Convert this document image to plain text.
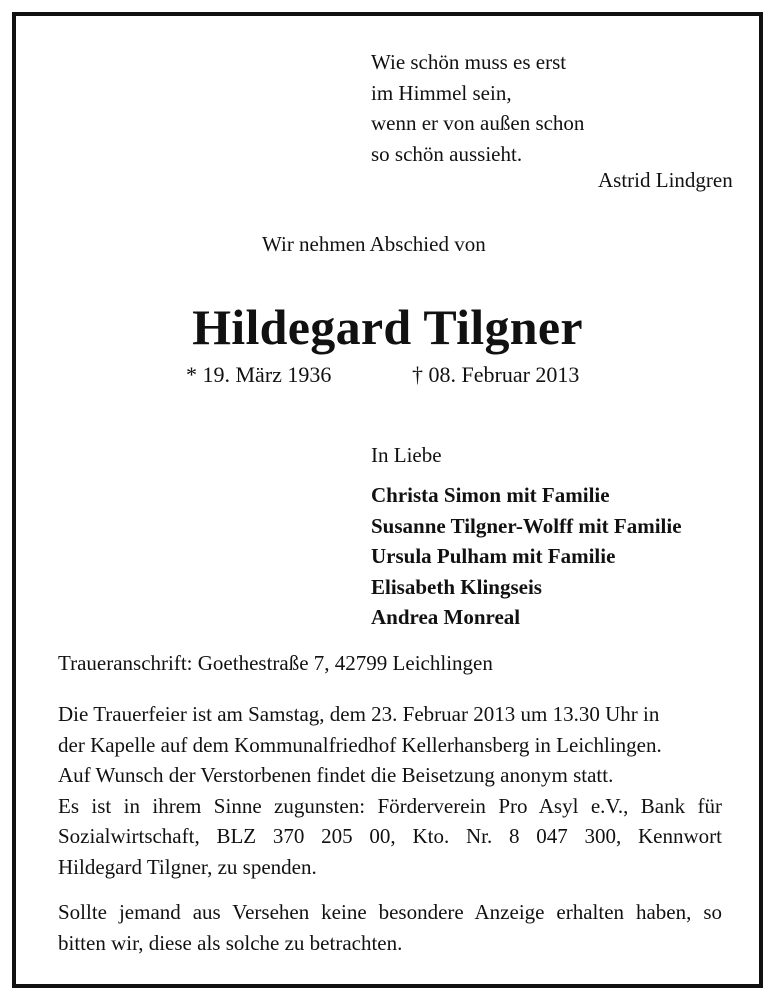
Wie schön muss es erst
im Himmel sein,
wenn er von außen schon
so schön aussieht.
Astrid Lindgren
Wir nehmen Abschied von
Hildegard Tilgner
* 19. März 1936	† 08. Februar 2013
In Liebe
Christa Simon mit Familie
Susanne Tilgner-Wolff mit Familie
Ursula Pulham mit Familie
Elisabeth Klingseis
Andrea Monreal
Traueranschrift: Goethestraße 7, 42799 Leichlingen
Die Trauerfeier ist am Samstag, dem 23. Februar 2013 um 13.30 Uhr in
der Kapelle auf dem Kommunalfriedhof Kellerhansberg in Leichlingen.
Auf Wunsch der Verstorbenen findet die Beisetzung anonym statt.
Es ist in ihrem Sinne zugunsten: Förderverein Pro Asyl e.V., Bank für
Sozialwirtschaft, BLZ 370 205 00, Kto. Nr. 8 047 300, Kennwort
Hildegard Tilgner, zu spenden.
Sollte jemand aus Versehen keine besondere Anzeige erhalten haben, so
bitten wir, diese als solche zu betrachten.
